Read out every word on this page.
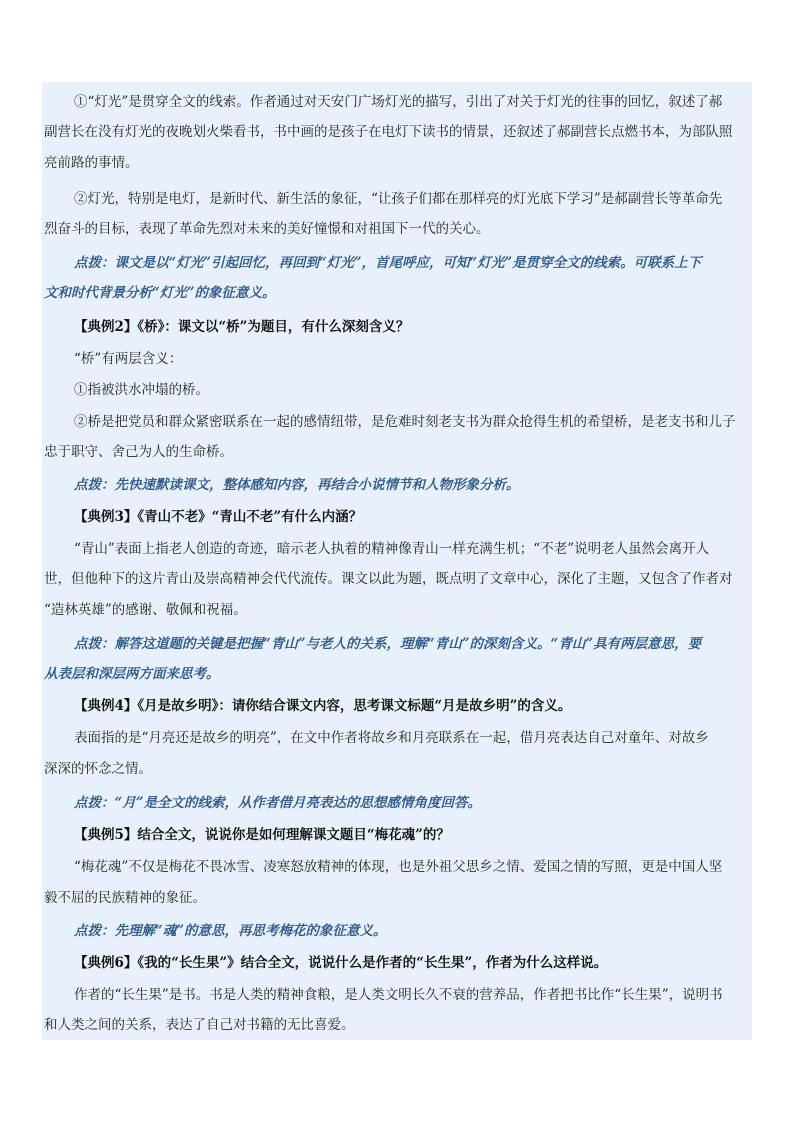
①“灯光”是贯穿全文的线索。作者通过对天安门广场灯光的描写，引出了对关于灯光的往事的回忆，叙述了郝
副营长在没有灯光的夜晚划火柴看书，书中画的是孩子在电灯下读书的情景，还叙述了郝副营长点燃书本，为部队照
亮前路的事情。
②灯光，特别是电灯，是新时代、新生活的象征，“让孩子们都在那样亮的灯光底下学习”是郝副营长等革命先
烈奋斗的目标，表现了革命先烈对未来的美好憧憬和对祖国下一代的关心。
点拨：课文是以“灯光”引起回忆，再回到“灯光”，首尾呼应，可知“灯光”是贯穿全文的线索。可联系上下
文和时代背景分析“灯光”的象征意义。
【典例2】《桥》：课文以“桥”为题目，有什么深刻含义？
“桥”有两层含义：
①指被洪水冲塌的桥。
②桥是把党员和群众紧密联系在一起的感情纽带，是危难时刻老支书为群众抢得生机的希望桥，是老支书和儿子
忠于职守、舍己为人的生命桥。
点拨：先快速默读课文，整体感知内容，再结合小说情节和人物形象分析。
【典例3】《青山不老》“青山不老”有什么内涵？
“青山”表面上指老人创造的奇迹，暗示老人执着的精神像青山一样充满生机；“不老”说明老人虽然会离开人
世，但他种下的这片青山及崇高精神会代代流传。课文以此为题，既点明了文章中心，深化了主题，又包含了作者对
“造林英雄”的感谢、敬佩和祝福。
点拨：解答这道题的关键是把握“青山”与老人的关系，理解“青山”的深刻含义。“青山”具有两层意思，要
从表层和深层两方面来思考。
【典例4】《月是故乡明》：请你结合课文内容，思考课文标题“月是故乡明”的含义。
表面指的是“月亮还是故乡的明亮”，在文中作者将故乡和月亮联系在一起，借月亮表达自己对童年、对故乡
深深的怀念之情。
点拨：“月”是全文的线索，从作者借月亮表达的思想感情角度回答。
【典例5】结合全文，说说你是如何理解课文题目“梅花魂”的？
“梅花魂”不仅是梅花不畏冰雪、凌寒怒放精神的体现，也是外祖父思乡之情、爱国之情的写照，更是中国人坚
毅不屈的民族精神的象征。
点拨：先理解“魂”的意思，再思考梅花的象征意义。
【典例6】《我的“长生果”》结合全文，说说什么是作者的“长生果”，作者为什么这样说。
作者的“长生果”是书。书是人类的精神食粮，是人类文明长久不衰的营养品，作者把书比作“长生果”，说明书
和人类之间的关系，表达了自己对书籍的无比喜爱。
